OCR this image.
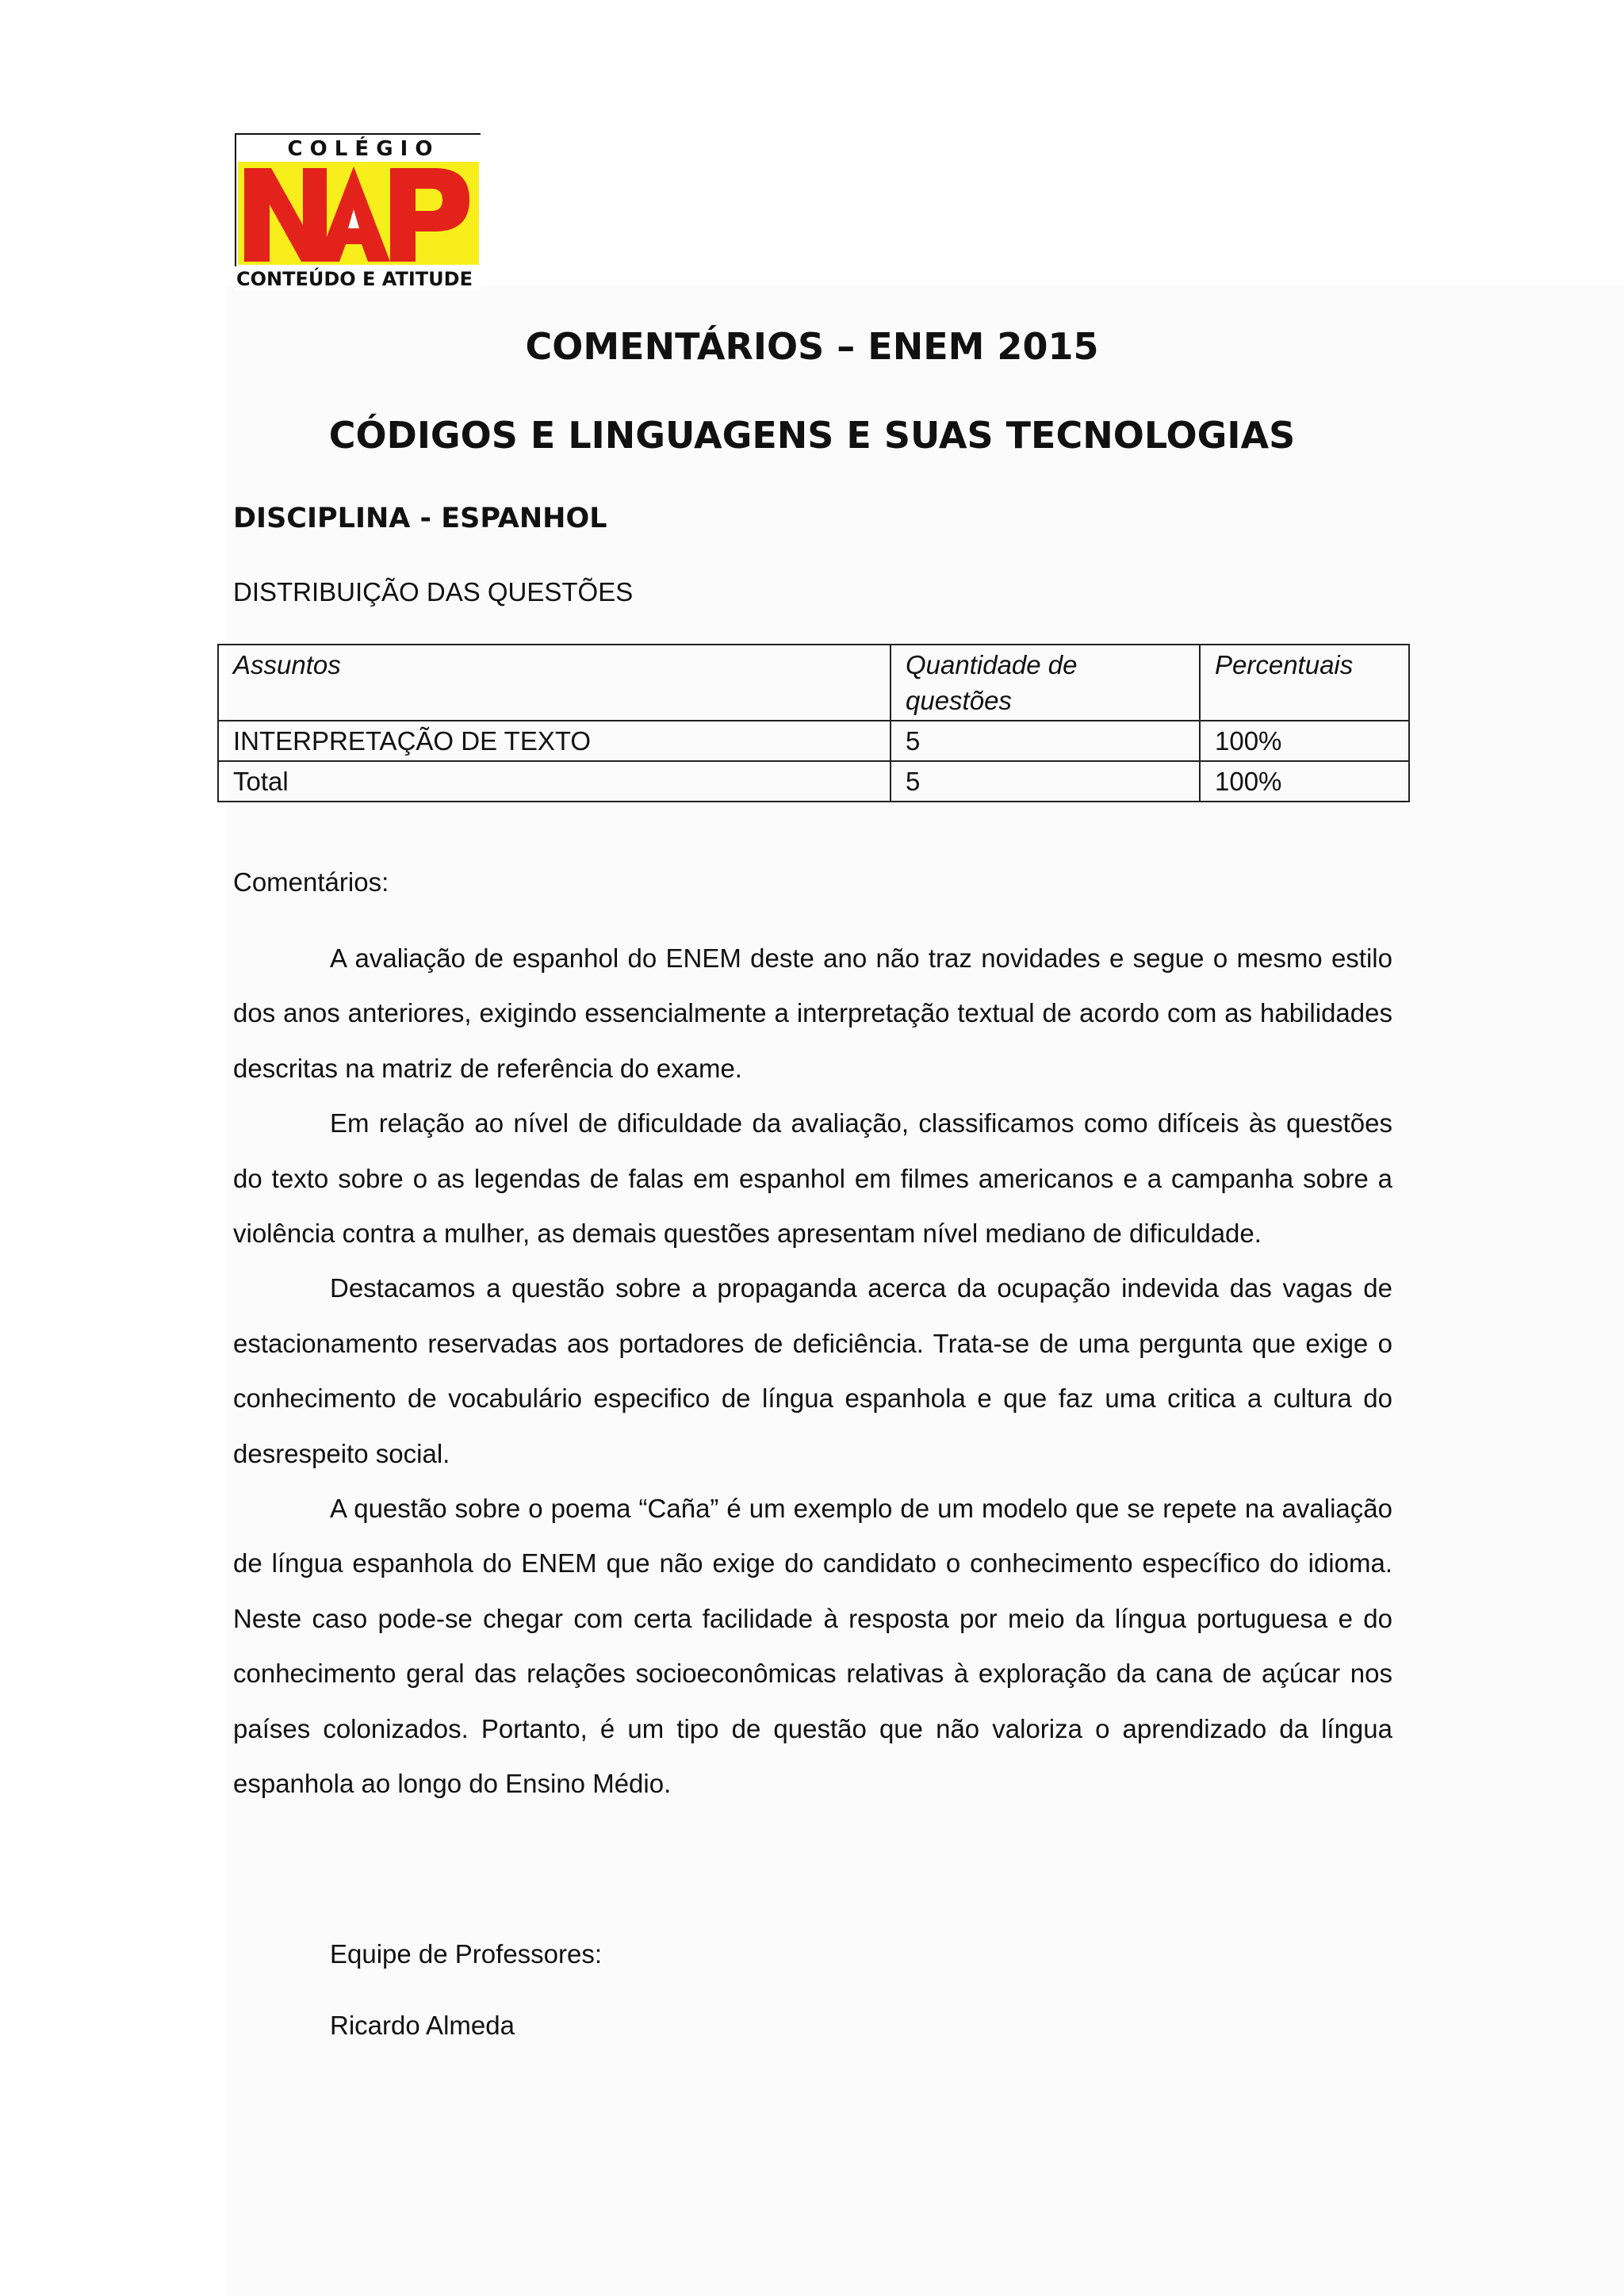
C O L É G I O
CONTEÚDO E ATITUDE
COMENTÁRIOS – ENEM 2015
CÓDIGOS E LINGUAGENS E SUAS TECNOLOGIAS
DISCIPLINA - ESPANHOL
DISTRIBUIÇÃO DAS QUESTÕES
Assuntos	Quantidade de questões	Percentuais
INTERPRETAÇÃO DE TEXTO	5	100%
Total	5	100%
Comentários:

A avaliação de espanhol do ENEM deste ano não traz novidades e segue o mesmo estilo dos anos anteriores, exigindo essencialmente a interpretação textual de acordo com as habilidades descritas na matriz de referência do exame.

Em relação ao nível de dificuldade da avaliação, classificamos como difíceis às questões do texto sobre o as legendas de falas em espanhol em filmes americanos e a campanha sobre a violência contra a mulher, as demais questões apresentam nível mediano de dificuldade.

Destacamos a questão sobre a propaganda acerca da ocupação indevida das vagas de estacionamento reservadas aos portadores de deficiência. Trata-se de uma pergunta que exige o conhecimento de vocabulário especifico de língua espanhola e que faz uma critica a cultura do desrespeito social.

A questão sobre o poema “Caña” é um exemplo de um modelo que se repete na avaliação de língua espanhola do ENEM que não exige do candidato o conhecimento específico do idioma. Neste caso pode-se chegar com certa facilidade à resposta por meio da língua portuguesa e do conhecimento geral das relações socioeconômicas relativas à exploração da cana de açúcar nos países colonizados. Portanto, é um tipo de questão que não valoriza o aprendizado da língua espanhola ao longo do Ensino Médio.

Equipe de Professores:
Ricardo Almeda
